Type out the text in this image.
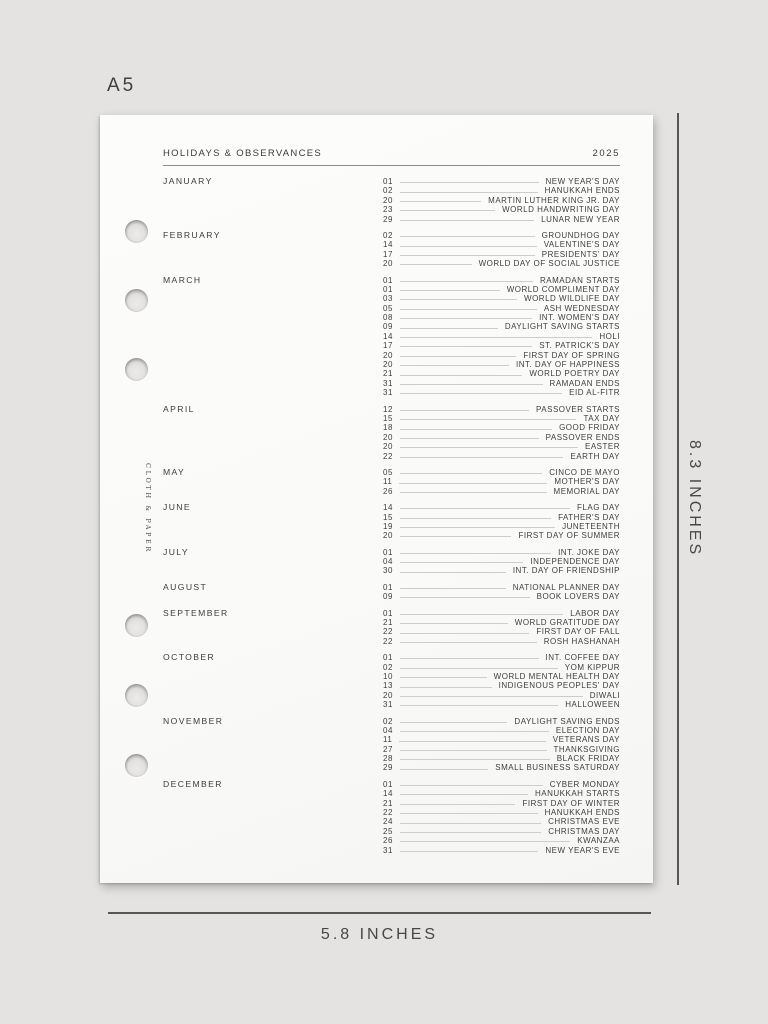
A5
CLOTH & PAPER
HOLIDAYS & OBSERVANCES	2025
JANUARY	01	NEW YEAR'S DAY
02	HANUKKAH ENDS
20	MARTIN LUTHER KING JR. DAY
23	WORLD HANDWRITING DAY
29	LUNAR NEW YEAR
FEBRUARY	02	GROUNDHOG DAY
14	VALENTINE'S DAY
17	PRESIDENTS' DAY
20	WORLD DAY OF SOCIAL JUSTICE
MARCH	01	RAMADAN STARTS
01	WORLD COMPLIMENT DAY
03	WORLD WILDLIFE DAY
05	ASH WEDNESDAY
08	INT. WOMEN'S DAY
09	DAYLIGHT SAVING STARTS
14	HOLI
17	ST. PATRICK'S DAY
20	FIRST DAY OF SPRING
20	INT. DAY OF HAPPINESS
21	WORLD POETRY DAY
31	RAMADAN ENDS
31	EID AL-FITR
APRIL	12	PASSOVER STARTS
15	TAX DAY
18	GOOD FRIDAY
20	PASSOVER ENDS
20	EASTER
22	EARTH DAY
MAY	05	CINCO DE MAYO
11	MOTHER'S DAY
26	MEMORIAL DAY
JUNE	14	FLAG DAY
15	FATHER'S DAY
19	JUNETEENTH
20	FIRST DAY OF SUMMER
JULY	01	INT. JOKE DAY
04	INDEPENDENCE DAY
30	INT. DAY OF FRIENDSHIP
AUGUST	01	NATIONAL PLANNER DAY
09	BOOK LOVERS DAY
SEPTEMBER	01	LABOR DAY
21	WORLD GRATITUDE DAY
22	FIRST DAY OF FALL
22	ROSH HASHANAH
OCTOBER	01	INT. COFFEE DAY
02	YOM KIPPUR
10	WORLD MENTAL HEALTH DAY
13	INDIGENOUS PEOPLES' DAY
20	DIWALI
31	HALLOWEEN
NOVEMBER	02	DAYLIGHT SAVING ENDS
04	ELECTION DAY
11	VETERANS DAY
27	THANKSGIVING
28	BLACK FRIDAY
29	SMALL BUSINESS SATURDAY
DECEMBER	01	CYBER MONDAY
14	HANUKKAH STARTS
21	FIRST DAY OF WINTER
22	HANUKKAH ENDS
24	CHRISTMAS EVE
25	CHRISTMAS DAY
26	KWANZAA
31	NEW YEAR'S EVE
8.3 INCHES
5.8 INCHES
